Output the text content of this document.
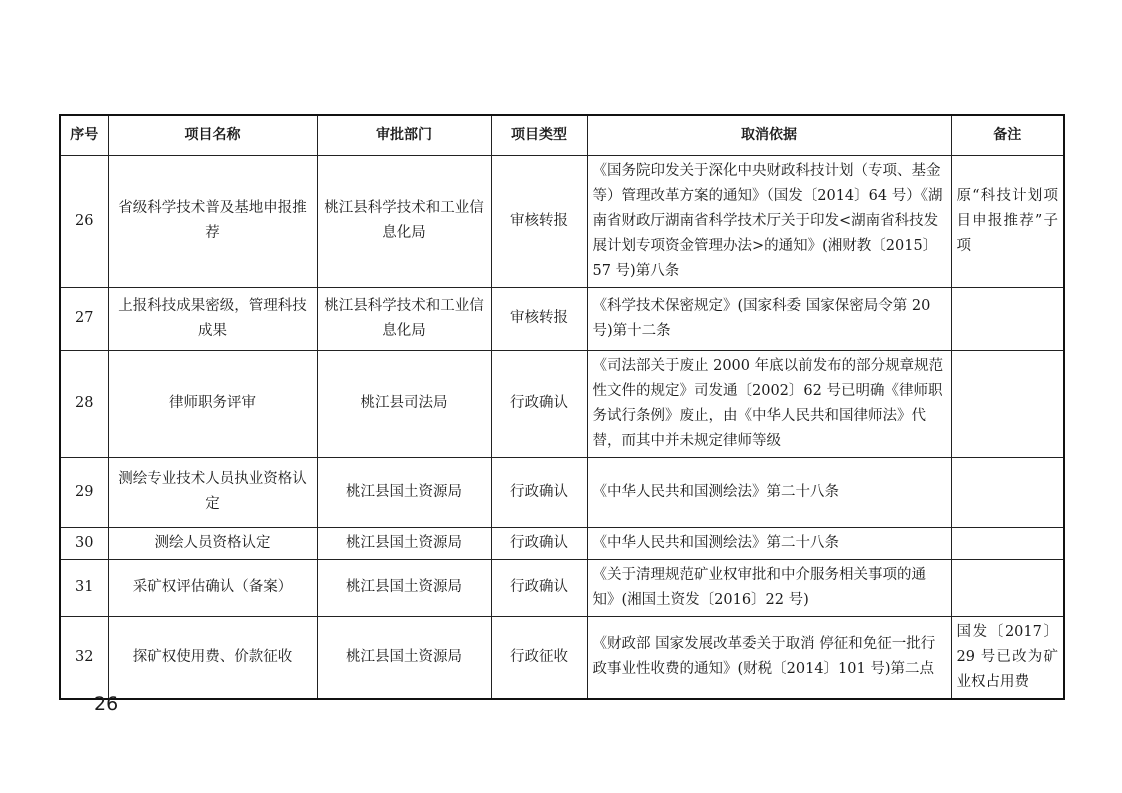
序号	项目名称	审批部门	项目类型	取消依据	备注
26	省级科学技术普及基地申报推荐	桃江县科学技术和工业信息化局	审核转报	《国务院印发关于深化中央财政科技计划（专项、基金等）管理改革方案的通知》（国发〔2014〕64 号）《湖南省财政厅湖南省科学技术厅关于印发<湖南省科技发展计划专项资金管理办法>的通知》(湘财教〔2015〕57 号)第八条	原“科技计划项目申报推荐”子项
27	上报科技成果密级，管理科技成果	桃江县科学技术和工业信息化局	审核转报	《科学技术保密规定》(国家科委 国家保密局令第 20 号)第十二条	
28	律师职务评审	桃江县司法局	行政确认	《司法部关于废止 2000 年底以前发布的部分规章规范性文件的规定》司发通〔2002〕62 号已明确《律师职务试行条例》废止，由《中华人民共和国律师法》代替，而其中并未规定律师等级	
29	测绘专业技术人员执业资格认定	桃江县国土资源局	行政确认	《中华人民共和国测绘法》第二十八条	
30	测绘人员资格认定	桃江县国土资源局	行政确认	《中华人民共和国测绘法》第二十八条	
31	采矿权评估确认（备案）	桃江县国土资源局	行政确认	《关于清理规范矿业权审批和中介服务相关事项的通知》(湘国土资发〔2016〕22 号)	
32	探矿权使用费、价款征收	桃江县国土资源局	行政征收	《财政部 国家发展改革委关于取消 停征和免征一批行政事业性收费的通知》(财税〔2014〕101 号)第二点	国发〔2017〕29 号已改为矿业权占用费
26
